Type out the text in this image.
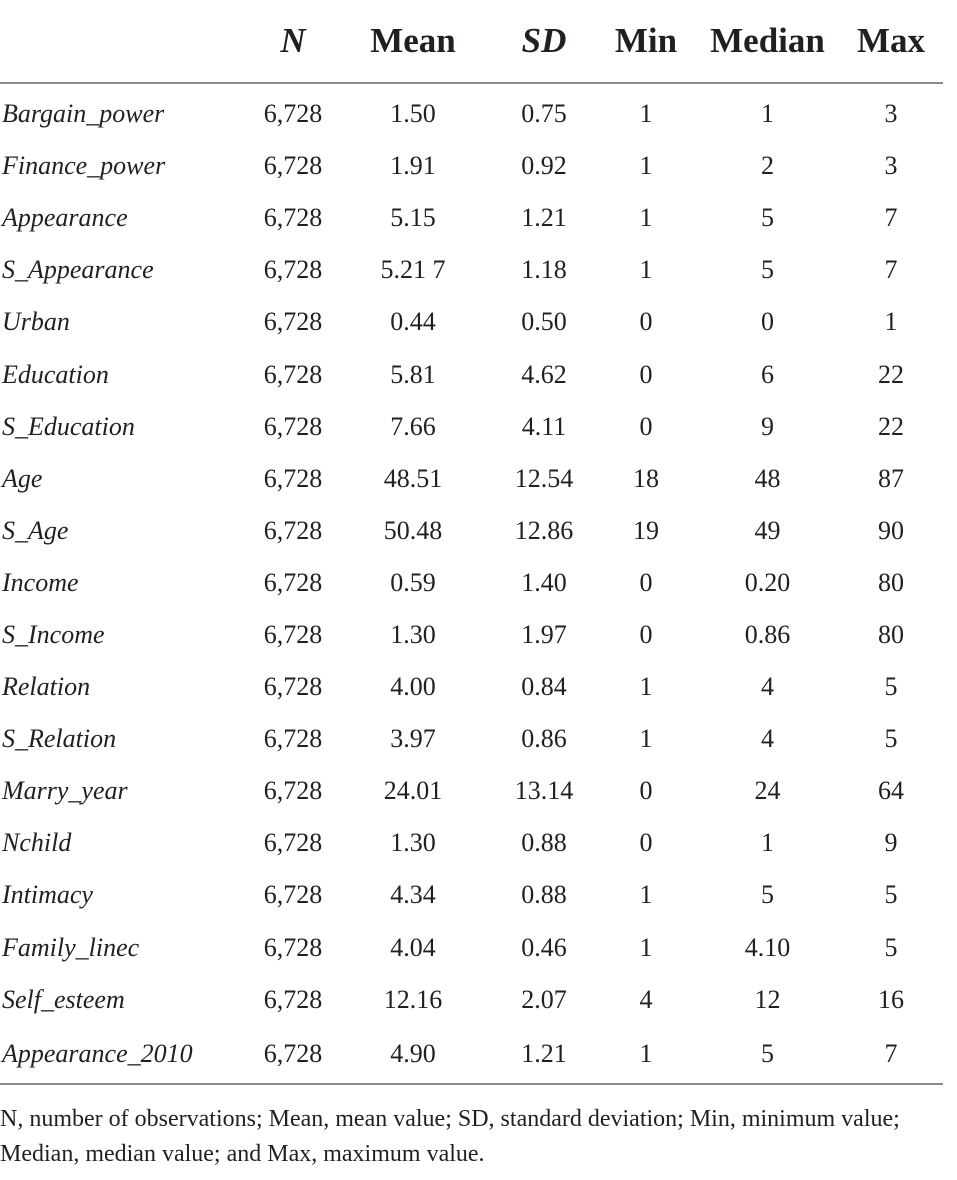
	N	Mean	SD	Min	Median	Max
Bargain_power	6,728	1.50	0.75	1	1	3
Finance_power	6,728	1.91	0.92	1	2	3
Appearance	6,728	5.15	1.21	1	5	7
S_Appearance	6,728	5.21 7	1.18	1	5	7
Urban	6,728	0.44	0.50	0	0	1
Education	6,728	5.81	4.62	0	6	22
S_Education	6,728	7.66	4.11	0	9	22
Age	6,728	48.51	12.54	18	48	87
S_Age	6,728	50.48	12.86	19	49	90
Income	6,728	0.59	1.40	0	0.20	80
S_Income	6,728	1.30	1.97	0	0.86	80
Relation	6,728	4.00	0.84	1	4	5
S_Relation	6,728	3.97	0.86	1	4	5
Marry_year	6,728	24.01	13.14	0	24	64
Nchild	6,728	1.30	0.88	0	1	9
Intimacy	6,728	4.34	0.88	1	5	5
Family_linec	6,728	4.04	0.46	1	4.10	5
Self_esteem	6,728	12.16	2.07	4	12	16
Appearance_2010	6,728	4.90	1.21	1	5	7
N, number of observations; Mean, mean value; SD, standard deviation; Min, minimum value; Median, median value; and Max, maximum value.
